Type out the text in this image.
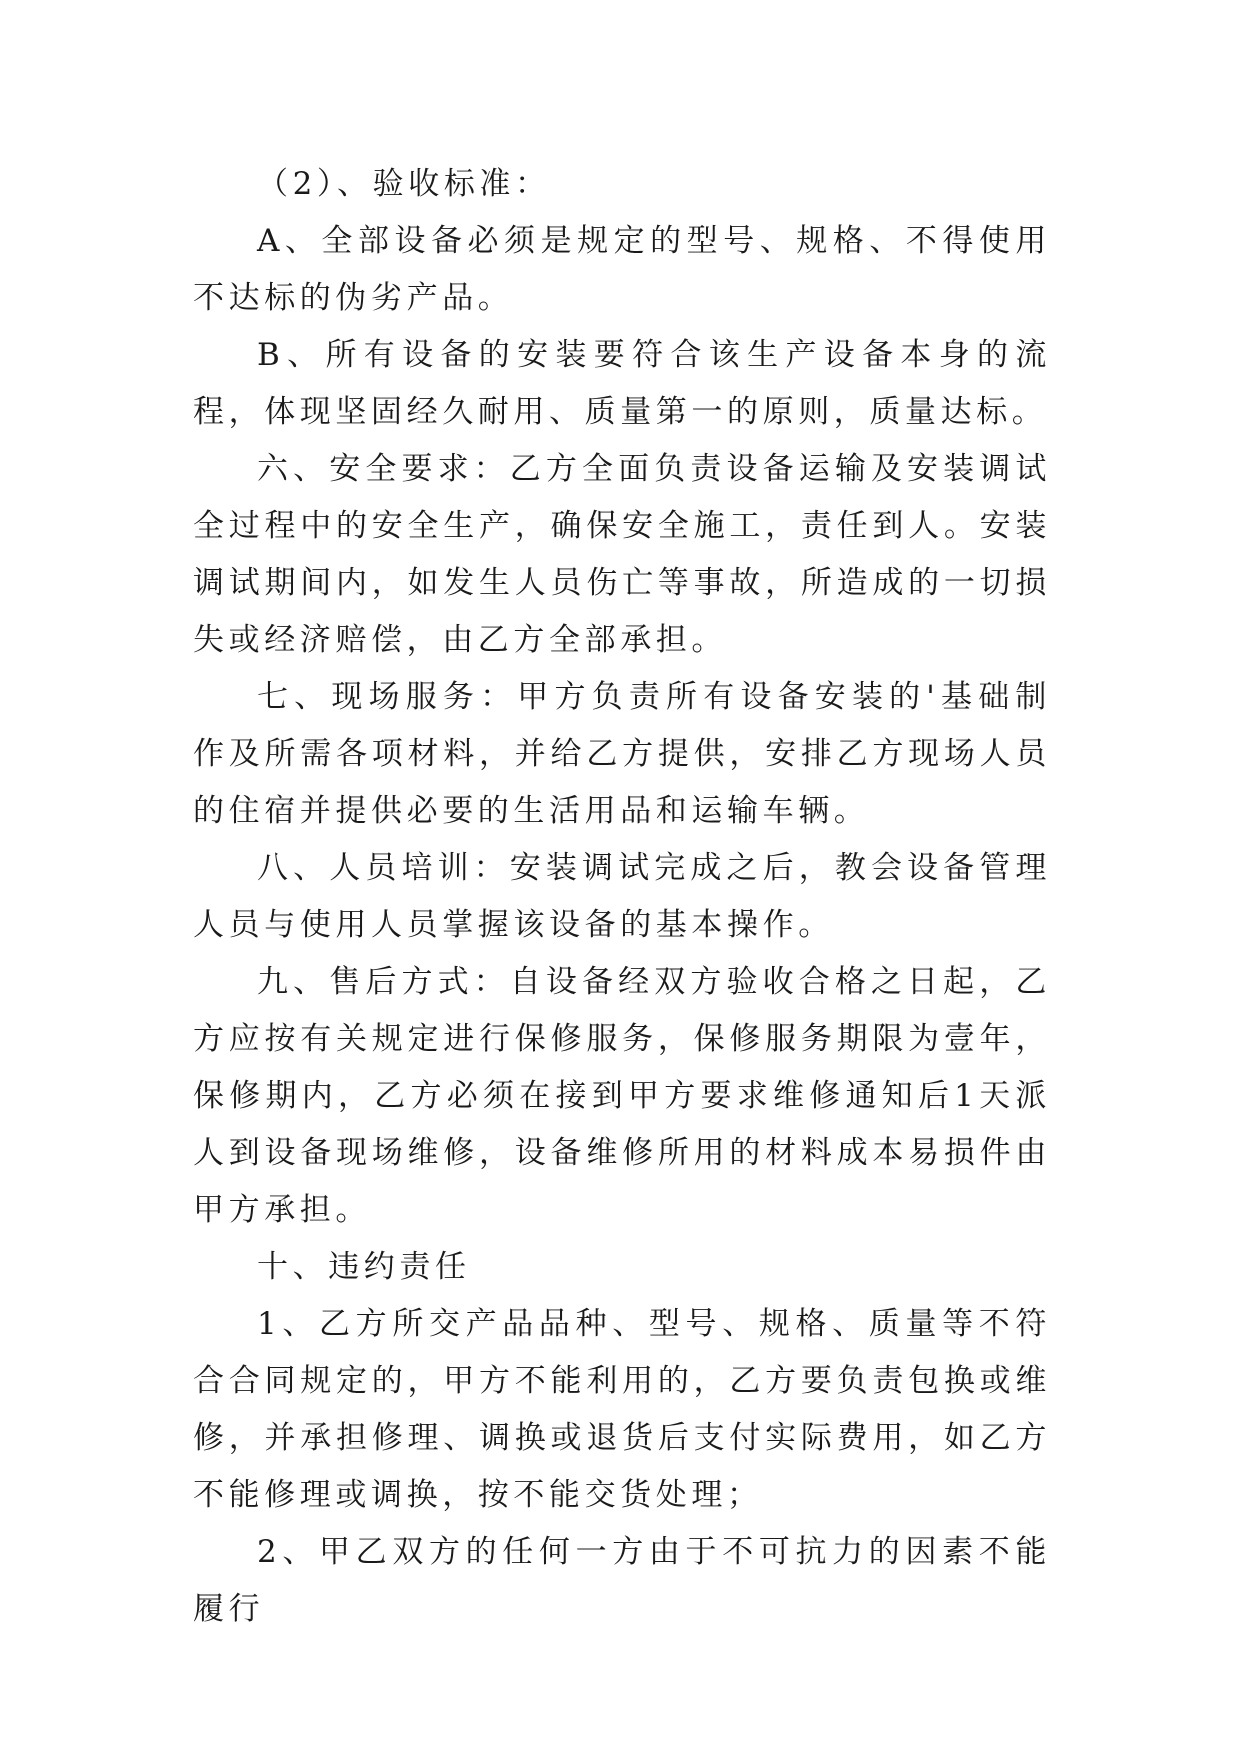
（2）、验收标准：

A、全部设备必须是规定的型号、规格、不得使用不达标的伪劣产品。

B、所有设备的安装要符合该生产设备本身的流程，体现坚固经久耐用、质量第一的原则，质量达标。

六、安全要求：乙方全面负责设备运输及安装调试全过程中的安全生产，确保安全施工，责任到人。安装调试期间内，如发生人员伤亡等事故，所造成的一切损失或经济赔偿，由乙方全部承担。

七、现场服务：甲方负责所有设备安装的'基础制作及所需各项材料，并给乙方提供，安排乙方现场人员的住宿并提供必要的生活用品和运输车辆。

八、人员培训：安装调试完成之后，教会设备管理人员与使用人员掌握该设备的基本操作。

九、售后方式：自设备经双方验收合格之日起，乙方应按有关规定进行保修服务，保修服务期限为壹年，保修期内，乙方必须在接到甲方要求维修通知后1天派人到设备现场维修，设备维修所用的材料成本易损件由甲方承担。

十、违约责任

1、乙方所交产品品种、型号、规格、质量等不符合合同规定的，甲方不能利用的，乙方要负责包换或维修，并承担修理、调换或退货后支付实际费用，如乙方不能修理或调换，按不能交货处理；

2、甲乙双方的任何一方由于不可抗力的因素不能履行
